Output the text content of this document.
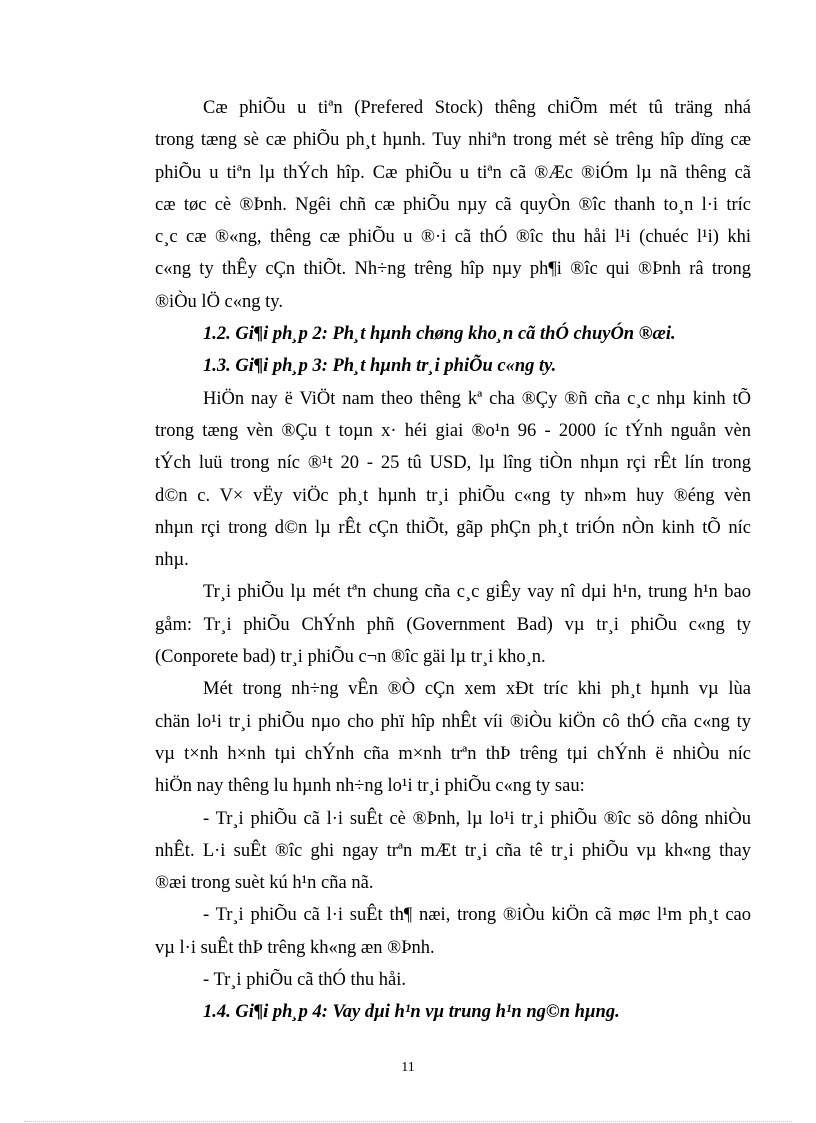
Cæ phiÕu u tiªn (Prefered Stock) thêng chiÕm mét tû träng nhá
trong tæng sè cæ phiÕu ph¸t hµnh. Tuy nhiªn trong mét sè trêng hîp dïng cæ
phiÕu u tiªn lµ thÝch hîp. Cæ phiÕu u tiªn cã ®Æc ®iÓm lµ nã thêng cã
cæ tøc cè ®Þnh. Ngêi chñ cæ phiÕu nµy cã quyÒn ®îc thanh to¸n l·i tríc
c¸c cæ ®«ng, thêng cæ phiÕu u ®·i cã thÓ ®îc thu håi l¹i (chuéc l¹i) khi
c«ng ty thÊy cÇn thiÕt. Nh÷ng trêng hîp nµy ph¶i ®îc qui ®Þnh râ trong
®iÒu lÖ c«ng ty.
1.2. Gi¶i ph¸p 2: Ph¸t hµnh chøng kho¸n cã thÓ chuyÓn ®æi.
1.3. Gi¶i ph¸p 3: Ph¸t hµnh tr¸i phiÕu c«ng ty.
HiÖn nay ë ViÖt nam theo thêng kª cha ®Çy ®ñ cña c¸c nhµ kinh tÕ
trong tæng vèn ®Çu t toµn x· héi giai ®o¹n 96 - 2000 íc tÝnh nguån vèn
tÝch luü trong níc ®¹t 20 - 25 tû USD, lµ lîng tiÒn nhµn rçi rÊt lín trong
d©n c. V× vËy viÖc ph¸t hµnh tr¸i phiÕu c«ng ty nh»m huy ®éng vèn
nhµn rçi trong d©n lµ rÊt cÇn thiÕt, gãp phÇn ph¸t triÓn nÒn kinh tÕ níc
nhµ.
Tr¸i phiÕu lµ mét tªn chung cña c¸c giÊy vay nî dµi h¹n, trung h¹n bao
gåm: Tr¸i phiÕu ChÝnh phñ (Government Bad) vµ tr¸i phiÕu c«ng ty
(Conporete bad) tr¸i phiÕu c¬n ®îc gäi lµ tr¸i kho¸n.
Mét trong nh÷ng vÊn ®Ò cÇn xem xÐt tríc khi ph¸t hµnh vµ lùa
chän lo¹i tr¸i phiÕu nµo cho phï hîp nhÊt víi ®iÒu kiÖn cô thÓ cña c«ng ty
vµ t×nh h×nh tµi chÝnh cña m×nh trªn thÞ trêng tµi chÝnh ë nhiÒu níc
hiÖn nay thêng lu hµnh nh÷ng lo¹i tr¸i phiÕu c«ng ty sau:
- Tr¸i phiÕu cã l·i suÊt cè ®Þnh, lµ lo¹i tr¸i phiÕu ®îc sö dông nhiÒu
nhÊt. L·i suÊt ®îc ghi ngay trªn mÆt tr¸i cña tê tr¸i phiÕu vµ kh«ng thay
®æi trong suèt kú h¹n cña nã.
- Tr¸i phiÕu cã l·i suÊt th¶ næi, trong ®iÒu kiÖn cã møc l¹m ph¸t cao
vµ l·i suÊt thÞ trêng kh«ng æn ®Þnh.
- Tr¸i phiÕu cã thÓ thu håi.
1.4. Gi¶i ph¸p 4: Vay dµi h¹n vµ trung h¹n ng©n hµng.
11
